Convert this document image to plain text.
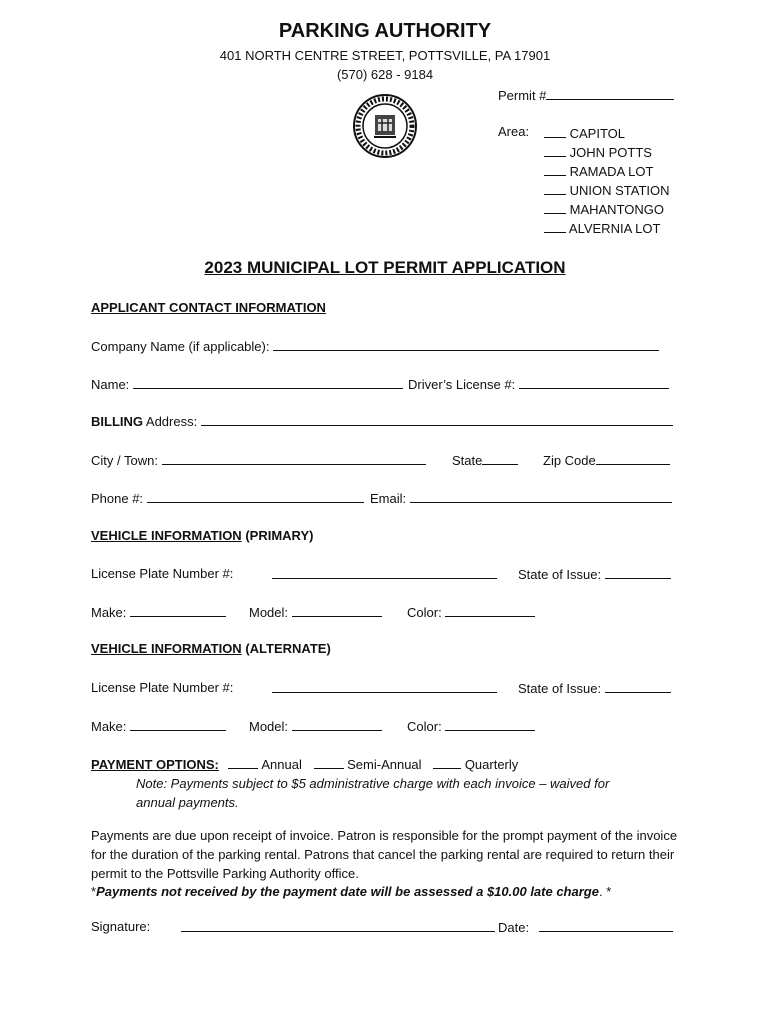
PARKING AUTHORITY
401 NORTH CENTRE STREET, POTTSVILLE, PA 17901
(570) 628 - 9184
Permit #
Area:	CAPITOL
JOHN POTTS
RAMADA LOT
UNION STATION
MAHANTONGO
ALVERNIA LOT
2023 MUNICIPAL LOT PERMIT APPLICATION
APPLICANT CONTACT INFORMATION
Company Name (if applicable):
Name:	Driver’s License #:
BILLING Address:
City / Town:	State	Zip Code
Phone #:	Email:
VEHICLE INFORMATION (PRIMARY)
License Plate Number #:	State of Issue:
Make:	Model:	Color:
VEHICLE INFORMATION (ALTERNATE)
License Plate Number #:	State of Issue:
Make:	Model:	Color:
PAYMENT OPTIONS:	Annual	Semi-Annual	Quarterly
Note: Payments subject to $5 administrative charge with each invoice – waived for
annual payments.
Payments are due upon receipt of invoice. Patron is responsible for the prompt payment of the invoice for the duration of the parking rental. Patrons that cancel the parking rental are required to return their permit to the Pottsville Parking Authority office.
*Payments not received by the payment date will be assessed a $10.00 late charge. *
Signature:	Date:
